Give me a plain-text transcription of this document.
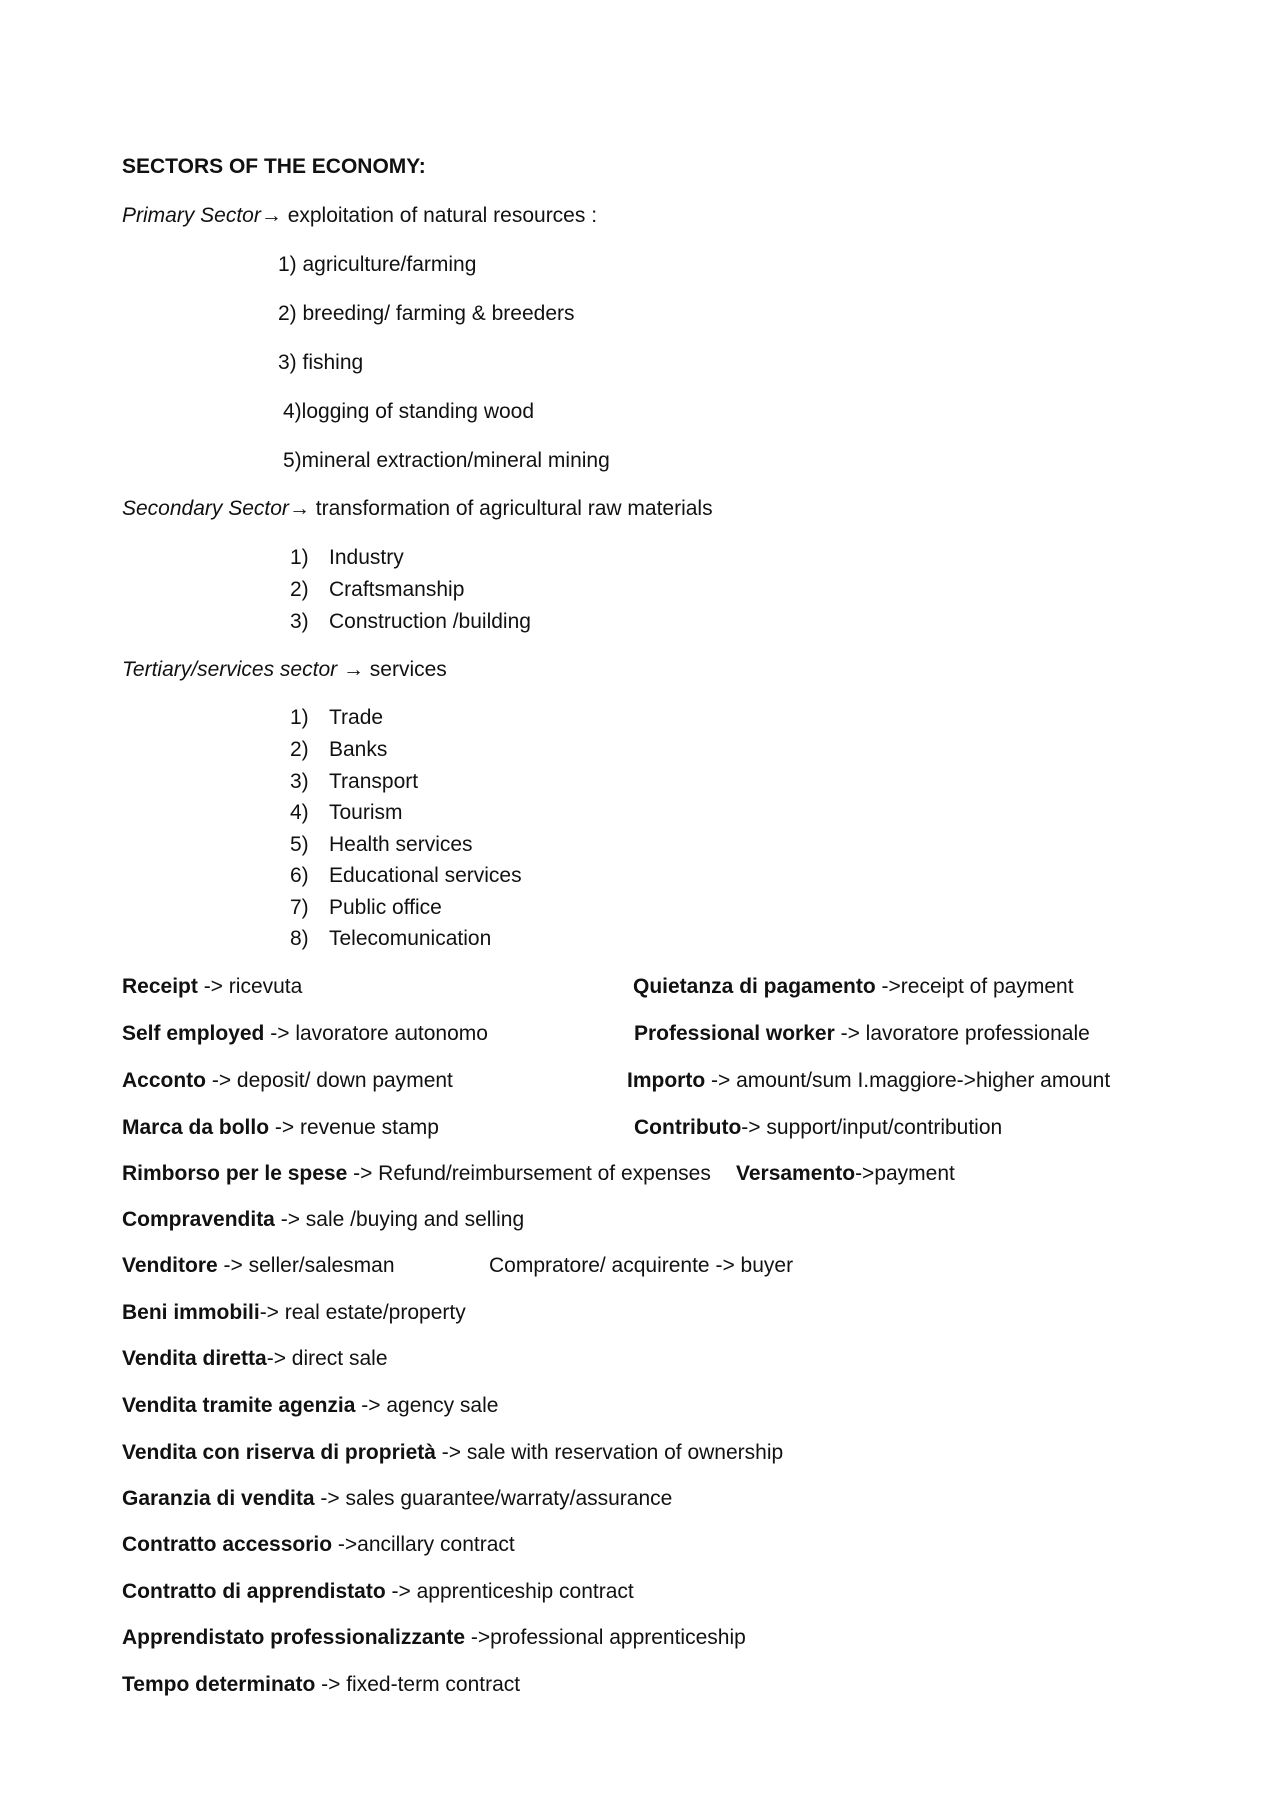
SECTORS OF THE ECONOMY:
Primary Sector→ exploitation of natural resources :
1) agriculture/farming
2) breeding/ farming & breeders
3) fishing
4)logging of standing wood
5)mineral extraction/mineral mining
Secondary Sector→ transformation of agricultural raw materials
1) Industry
2) Craftsmanship
3) Construction /building
Tertiary/services sector → services
1) Trade
2) Banks
3) Transport
4) Tourism
5) Health services
6) Educational services
7) Public office
8) Telecomunication
Receipt -> ricevuta	Quietanza di pagamento ->receipt of payment
Self employed -> lavoratore autonomo	Professional worker -> lavoratore professionale
Acconto -> deposit/ down payment	Importo -> amount/sum I.maggiore->higher amount
Marca da bollo -> revenue stamp	Contributo-> support/input/contribution
Rimborso per le spese -> Refund/reimbursement of expenses Versamento->payment
Compravendita -> sale /buying and selling
Venditore -> seller/salesman	Compratore/ acquirente -> buyer
Beni immobili-> real estate/property
Vendita diretta-> direct sale
Vendita tramite agenzia -> agency sale
Vendita con riserva di proprietà -> sale with reservation of ownership
Garanzia di vendita -> sales guarantee/warraty/assurance
Contratto accessorio ->ancillary contract
Contratto di apprendistato -> apprenticeship contract
Apprendistato professionalizzante ->professional apprenticeship
Tempo determinato -> fixed-term contract
